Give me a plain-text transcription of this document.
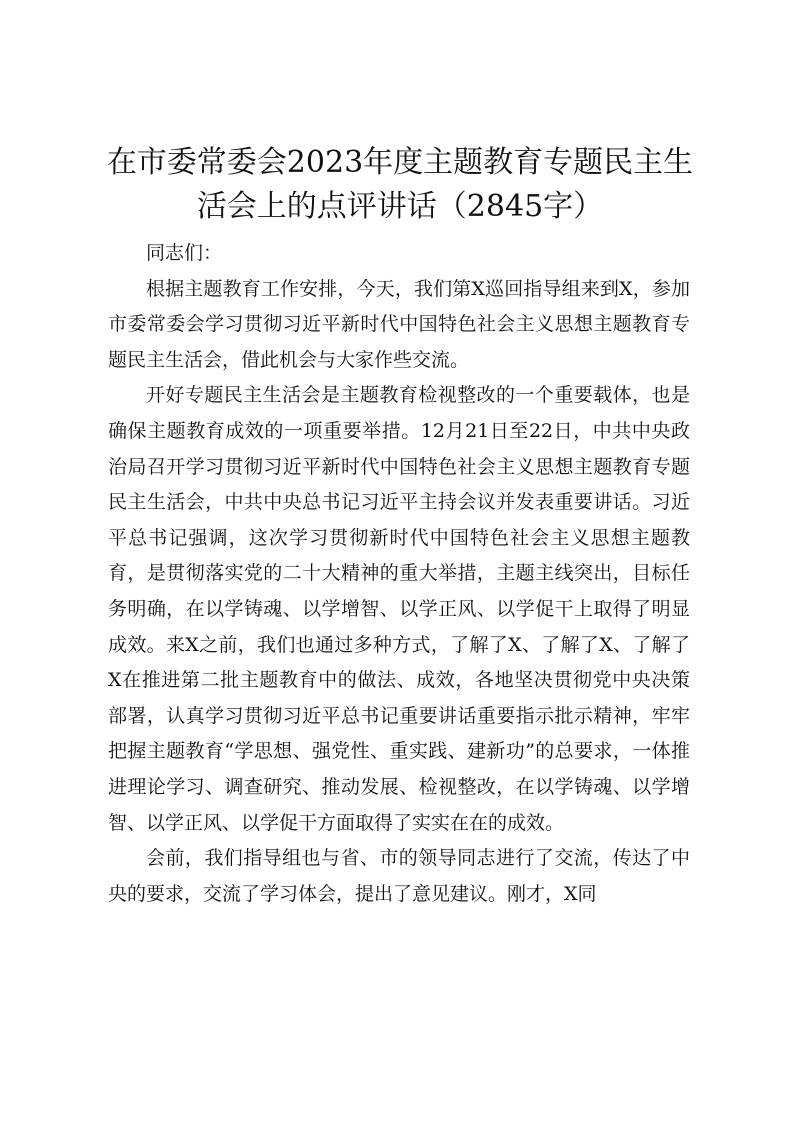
在市委常委会2023年度主题教育专题民主生
活会上的点评讲话（2845字）

同志们：

根据主题教育工作安排，今天，我们第X巡回指导组来到X，参加市委常委会学习贯彻习近平新时代中国特色社会主义思想主题教育专题民主生活会，借此机会与大家作些交流。

开好专题民主生活会是主题教育检视整改的一个重要载体，也是确保主题教育成效的一项重要举措。12月21日至22日，中共中央政治局召开学习贯彻习近平新时代中国特色社会主义思想主题教育专题民主生活会，中共中央总书记习近平主持会议并发表重要讲话。习近平总书记强调，这次学习贯彻新时代中国特色社会主义思想主题教育，是贯彻落实党的二十大精神的重大举措，主题主线突出，目标任务明确，在以学铸魂、以学增智、以学正风、以学促干上取得了明显成效。来X之前，我们也通过多种方式，了解了X、了解了X、了解了X在推进第二批主题教育中的做法、成效，各地坚决贯彻党中央决策部署，认真学习贯彻习近平总书记重要讲话重要指示批示精神，牢牢把握主题教育“学思想、强党性、重实践、建新功”的总要求，一体推进理论学习、调查研究、推动发展、检视整改，在以学铸魂、以学增智、以学正风、以学促干方面取得了实实在在的成效。

会前，我们指导组也与省、市的领导同志进行了交流，传达了中央的要求，交流了学习体会，提出了意见建议。刚才，X同
